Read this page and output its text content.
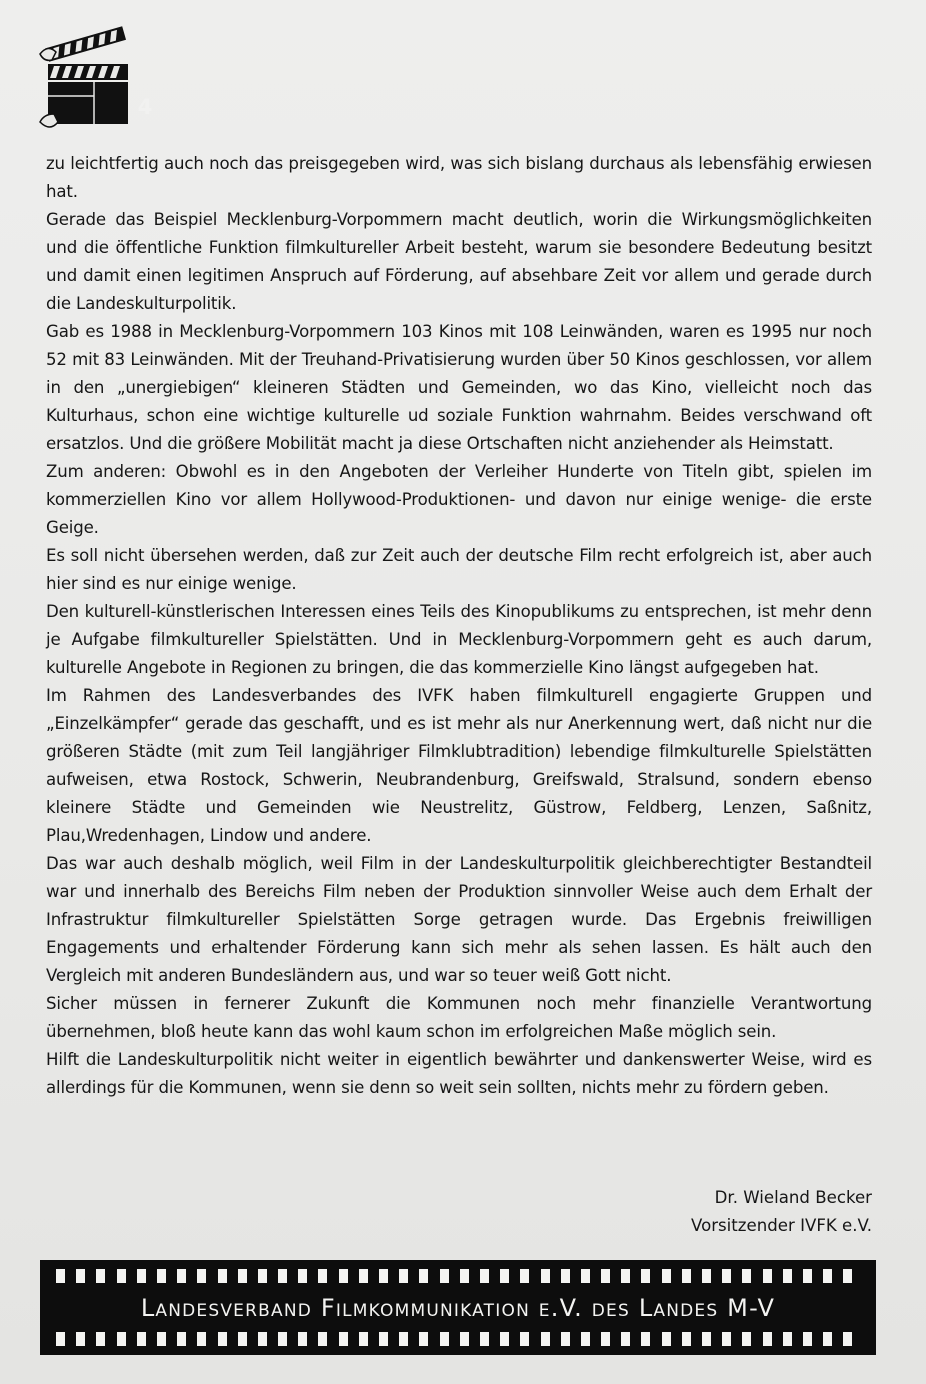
4

zu leichtfertig auch noch das preisgegeben wird, was sich bislang durchaus als lebensfähig erwiesen hat.

Gerade das Beispiel Mecklenburg-Vorpommern macht deutlich, worin die Wirkungsmöglichkeiten und die öffentliche Funktion filmkultureller Arbeit besteht, warum sie besondere Bedeutung besitzt und damit einen legitimen Anspruch auf Förderung, auf absehbare Zeit vor allem und gerade durch die Landeskulturpolitik.

Gab es 1988 in Mecklenburg-Vorpommern 103 Kinos mit 108 Leinwänden, waren es 1995 nur noch 52 mit 83 Leinwänden. Mit der Treuhand-Privatisierung wurden über 50 Kinos geschlossen, vor allem in den „unergiebigen“ kleineren Städten und Gemeinden, wo das Kino, vielleicht noch das Kulturhaus, schon eine wichtige kulturelle ud soziale Funktion wahrnahm. Beides verschwand oft ersatzlos. Und die größere Mobilität macht ja diese Ortschaften nicht anziehender als Heimstatt.

Zum anderen: Obwohl es in den Angeboten der Verleiher Hunderte von Titeln gibt, spielen im kommerziellen Kino vor allem Hollywood-Produktionen- und davon nur einige wenige- die erste Geige.

Es soll nicht übersehen werden, daß zur Zeit auch der deutsche Film recht erfolgreich ist, aber auch hier sind es nur einige wenige.

Den kulturell-künstlerischen Interessen eines Teils des Kinopublikums zu entsprechen, ist mehr denn je Aufgabe filmkultureller Spielstätten. Und in Mecklenburg-Vorpommern geht es auch darum, kulturelle Angebote in Regionen zu bringen, die das kommerzielle Kino längst aufgegeben hat.

Im Rahmen des Landesverbandes des IVFK haben filmkulturell engagierte Gruppen und „Einzelkämpfer“ gerade das geschafft, und es ist mehr als nur Anerkennung wert, daß nicht nur die größeren Städte (mit zum Teil langjähriger Filmklubtradition) lebendige filmkulturelle Spielstätten aufweisen, etwa Rostock, Schwerin, Neubrandenburg, Greifswald, Stralsund, sondern ebenso kleinere Städte und Gemeinden wie Neustrelitz, Güstrow, Feldberg, Lenzen, Saßnitz, Plau,Wredenhagen, Lindow und andere.

Das war auch deshalb möglich, weil Film in der Landeskulturpolitik gleichberechtigter Bestandteil war und innerhalb des Bereichs Film neben der Produktion sinnvoller Weise auch dem Erhalt der Infrastruktur filmkultureller Spielstätten Sorge getragen wurde. Das Ergebnis freiwilligen Engagements und erhaltender Förderung kann sich mehr als sehen lassen. Es hält auch den Vergleich mit anderen Bundesländern aus, und war so teuer weiß Gott nicht.

Sicher müssen in fernerer Zukunft die Kommunen noch mehr finanzielle Verantwortung übernehmen, bloß heute kann das wohl kaum schon im erfolgreichen Maße möglich sein.

Hilft die Landeskulturpolitik nicht weiter in eigentlich bewährter und dankenswerter Weise, wird es allerdings für die Kommunen, wenn sie denn so weit sein sollten, nichts mehr zu fördern geben.

Dr. Wieland Becker
Vorsitzender IVFK e.V.
Landesverband Filmkommunikation e.V. des Landes M-V
